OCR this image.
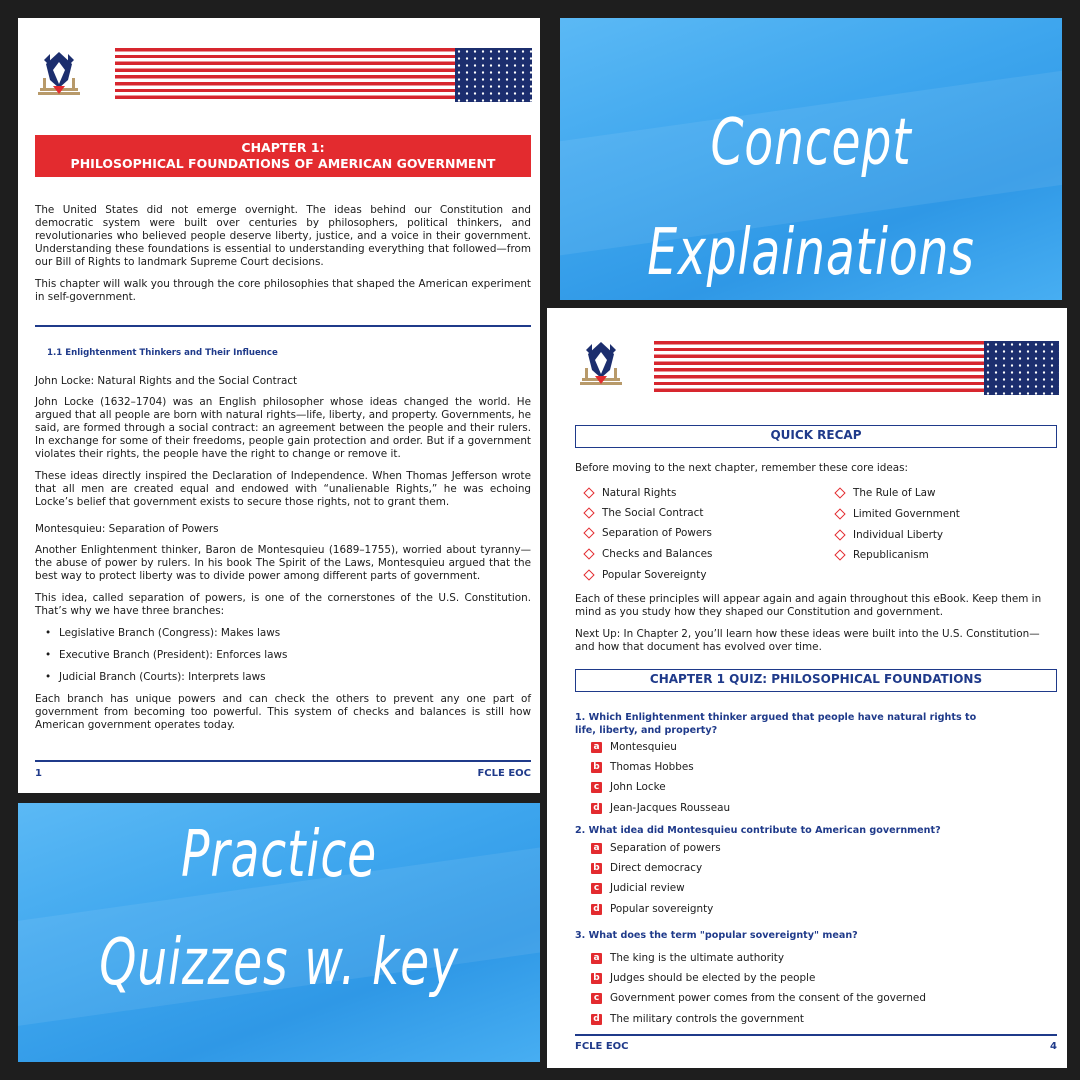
Concept
Explainations
Practice
Quizzes w. key
CHAPTER 1:
PHILOSOPHICAL FOUNDATIONS OF AMERICAN GOVERNMENT

The United States did not emerge overnight. The ideas behind our Constitution and democratic system were built over centuries by philosophers, political thinkers, and revolutionaries who believed people deserve liberty, justice, and a voice in their government. Understanding these foundations is essential to understanding everything that followed—from our Bill of Rights to landmark Supreme Court decisions.

This chapter will walk you through the core philosophies that shaped the American experiment in self-government.

1.1 Enlightenment Thinkers and Their Influence

John Locke: Natural Rights and the Social Contract

John Locke (1632–1704) was an English philosopher whose ideas changed the world. He argued that all people are born with natural rights—life, liberty, and property. Governments, he said, are formed through a social contract: an agreement between the people and their rulers. In exchange for some of their freedoms, people gain protection and order. But if a government violates their rights, the people have the right to change or remove it.

These ideas directly inspired the Declaration of Independence. When Thomas Jefferson wrote that all men are created equal and endowed with “unalienable Rights,” he was echoing Locke’s belief that government exists to secure those rights, not to grant them.

Montesquieu: Separation of Powers

Another Enlightenment thinker, Baron de Montesquieu (1689–1755), worried about tyranny—the abuse of power by rulers. In his book The Spirit of the Laws, Montesquieu argued that the best way to protect liberty was to divide power among different parts of government.

This idea, called separation of powers, is one of the cornerstones of the U.S. Constitution. That’s why we have three branches:

• Legislative Branch (Congress): Makes laws
• Executive Branch (President): Enforces laws
• Judicial Branch (Courts): Interprets laws

Each branch has unique powers and can check the others to prevent any one part of government from becoming too powerful. This system of checks and balances is still how American government operates today.

1	FCLE EOC
QUICK RECAP
Before moving to the next chapter, remember these core ideas:
Natural Rights
The Social Contract
Separation of Powers
Checks and Balances
Popular Sovereignty
The Rule of Law
Limited Government
Individual Liberty
Republicanism

Each of these principles will appear again and again throughout this eBook. Keep them in mind as you study how they shaped our Constitution and government.

Next Up: In Chapter 2, you’ll learn how these ideas were built into the U.S. Constitution—and how that document has evolved over time.

CHAPTER 1 QUIZ: PHILOSOPHICAL FOUNDATIONS
1. Which Enlightenment thinker argued that people have natural rights to life, liberty, and property?
a Montesquieu
b Thomas Hobbes
c John Locke
d Jean-Jacques Rousseau
2. What idea did Montesquieu contribute to American government?
a Separation of powers
b Direct democracy
c Judicial review
d Popular sovereignty
3. What does the term "popular sovereignty" mean?
a The king is the ultimate authority
b Judges should be elected by the people
c Government power comes from the consent of the governed
d The military controls the government
FCLE EOC	4
